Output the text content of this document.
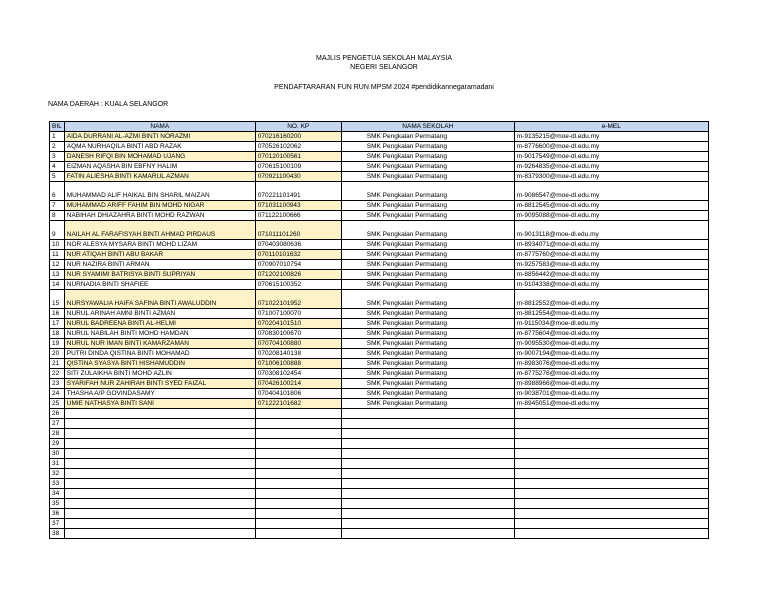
MAJLIS PENGETUA SEKOLAH MALAYSIA
NEGERI SELANGOR
PENDAFTARARAN FUN RUN MPSM 2024 #pendidikannegaramadani
NAMA DAERAH : KUALA SELANGOR
BIL	NAMA	NO. KP	NAMA SEKOLAH	e-MEL
1	AIDA DURRANI AL-AZMI BINTI NORAZMI	070216160200	SMK Pengkalan Permatang	m-9135215@moe-dl.edu.my
2	AQMA NURHAQILA BINTI ABD RAZAK	070526102062	SMK Pengkalan Permatang	m-8776600@moe-dl.edu.my
3	DANESH RIFQI BIN MOHAMAD UJANG	070120100561	SMK Pengkalan Permatang	m-9017549@moe-dl.edu.my
4	EIZMAN AQASHA BIN EBFNY HALIM	070615100109	SMK Pengkalan Permatang	m-9264835@moe-dl.edu.my
5	FATIN ALIESHA BINTI KAMARUL AZMAN	070921100430	SMK Pengkalan Permatang	m-8379300@moe-dl.edu.my
6	MUHAMMAD ALIF HAIKAL BIN SHARIL MAIZAN	070221101491	SMK Pengkalan Permatang	m-9086547@moe-dl.edu.my
7	MUHAMMAD ARIFF FAHIM BIN MOHD NIGAR	071031100943	SMK Pengkalan Permatang	m-8812545@moe-dl.edu.my
8	NABIHAH DHIAZAHRA BINTI MOHD RAZWAN	071122100666	SMK Pengkalan Permatang	m-9095088@moe-dl.edu.my
9	NAILAH AL FARAFISYAH BINTI AHMAD PIRDAUS	071011101260	SMK Pengkalan Permatang	m-9013118@moe-dl.edu.my
10	NOR ALESYA MYSARA BINTI MOHD LIZAM	070403080636	SMK Pengkalan Permatang	m-8934071@moe-dl.edu.my
11	NUR ATIQAH BINTI ABU BAKAR	070110101632	SMK Pengkalan Permatang	m-8775760@moe-dl.edu.my
12	NUR NAZIRA BINTI ARMAN	070907010754	SMK Pengkalan Permatang	m-9257583@moe-dl.edu.my
13	NUR SYAMIMI BATRISYA BINTI SUPRIYAN	071202100826	SMK Pengkalan Permatang	m-8856442@moe-dl.edu.my
14	NURNADIA BINTI SHAFIEE	070615100352	SMK Pengkalan Permatang	m-9104338@moe-dl.edu.my
15	NURSYAWALIA HAIFA SAFINA BINTI AWALUDDIN	071022101952	SMK Pengkalan Permatang	m-8812552@moe-dl.edu.my
16	NURUL ARINAH AMNI BINTI AZMAN	071007100070	SMK Pengkalan Permatang	m-8812554@moe-dl.edu.my
17	NURUL BADREENA BINTI AL-HELMI	070204101510	SMK Pengkalan Permatang	m-9115034@moe-dl.edu.my
18	NURUL NABILAH BINTI MOHD HAMDAN	070830100670	SMK Pengkalan Permatang	m-8775604@moe-dl.edu.my
19	NURUL NUR IMAN BINTI KAMARZAMAN	070704100880	SMK Pengkalan Permatang	m-9095530@moe-dl.edu.my
20	PUTRI DINDA QISTINA BINTI MOHAMAD	070208140138	SMK Pengkalan Permatang	m-9007194@moe-dl.edu.my
21	QISTINA SYASYA BINTI HISHAMUDDIN	071006100888	SMK Pengkalan Permatang	m-8983076@moe-dl.edu.my
22	SITI ZULAIKHA BINTI MOHD AZLIN	070308102454	SMK Pengkalan Permatang	m-8775276@moe-dl.edu.my
23	SYARIFAH NUR ZAHIRAH BINTI SYED FAIZAL	070426100214	SMK Pengkalan Permatang	m-8988966@moe-dl.edu.my
24	THASHA A/P GOVINDASAMY	070404101806	SMK Pengkalan Permatang	m-9038701@moe-dl.edu.my
25	UMIE NATHASYA BINTI SANI	071222101682	SMK Pengkalan Permatang	m-8945051@moe-dl.edu.my
26				
27				
28				
29				
30				
31				
32				
33				
34				
35				
36				
37				
38				
